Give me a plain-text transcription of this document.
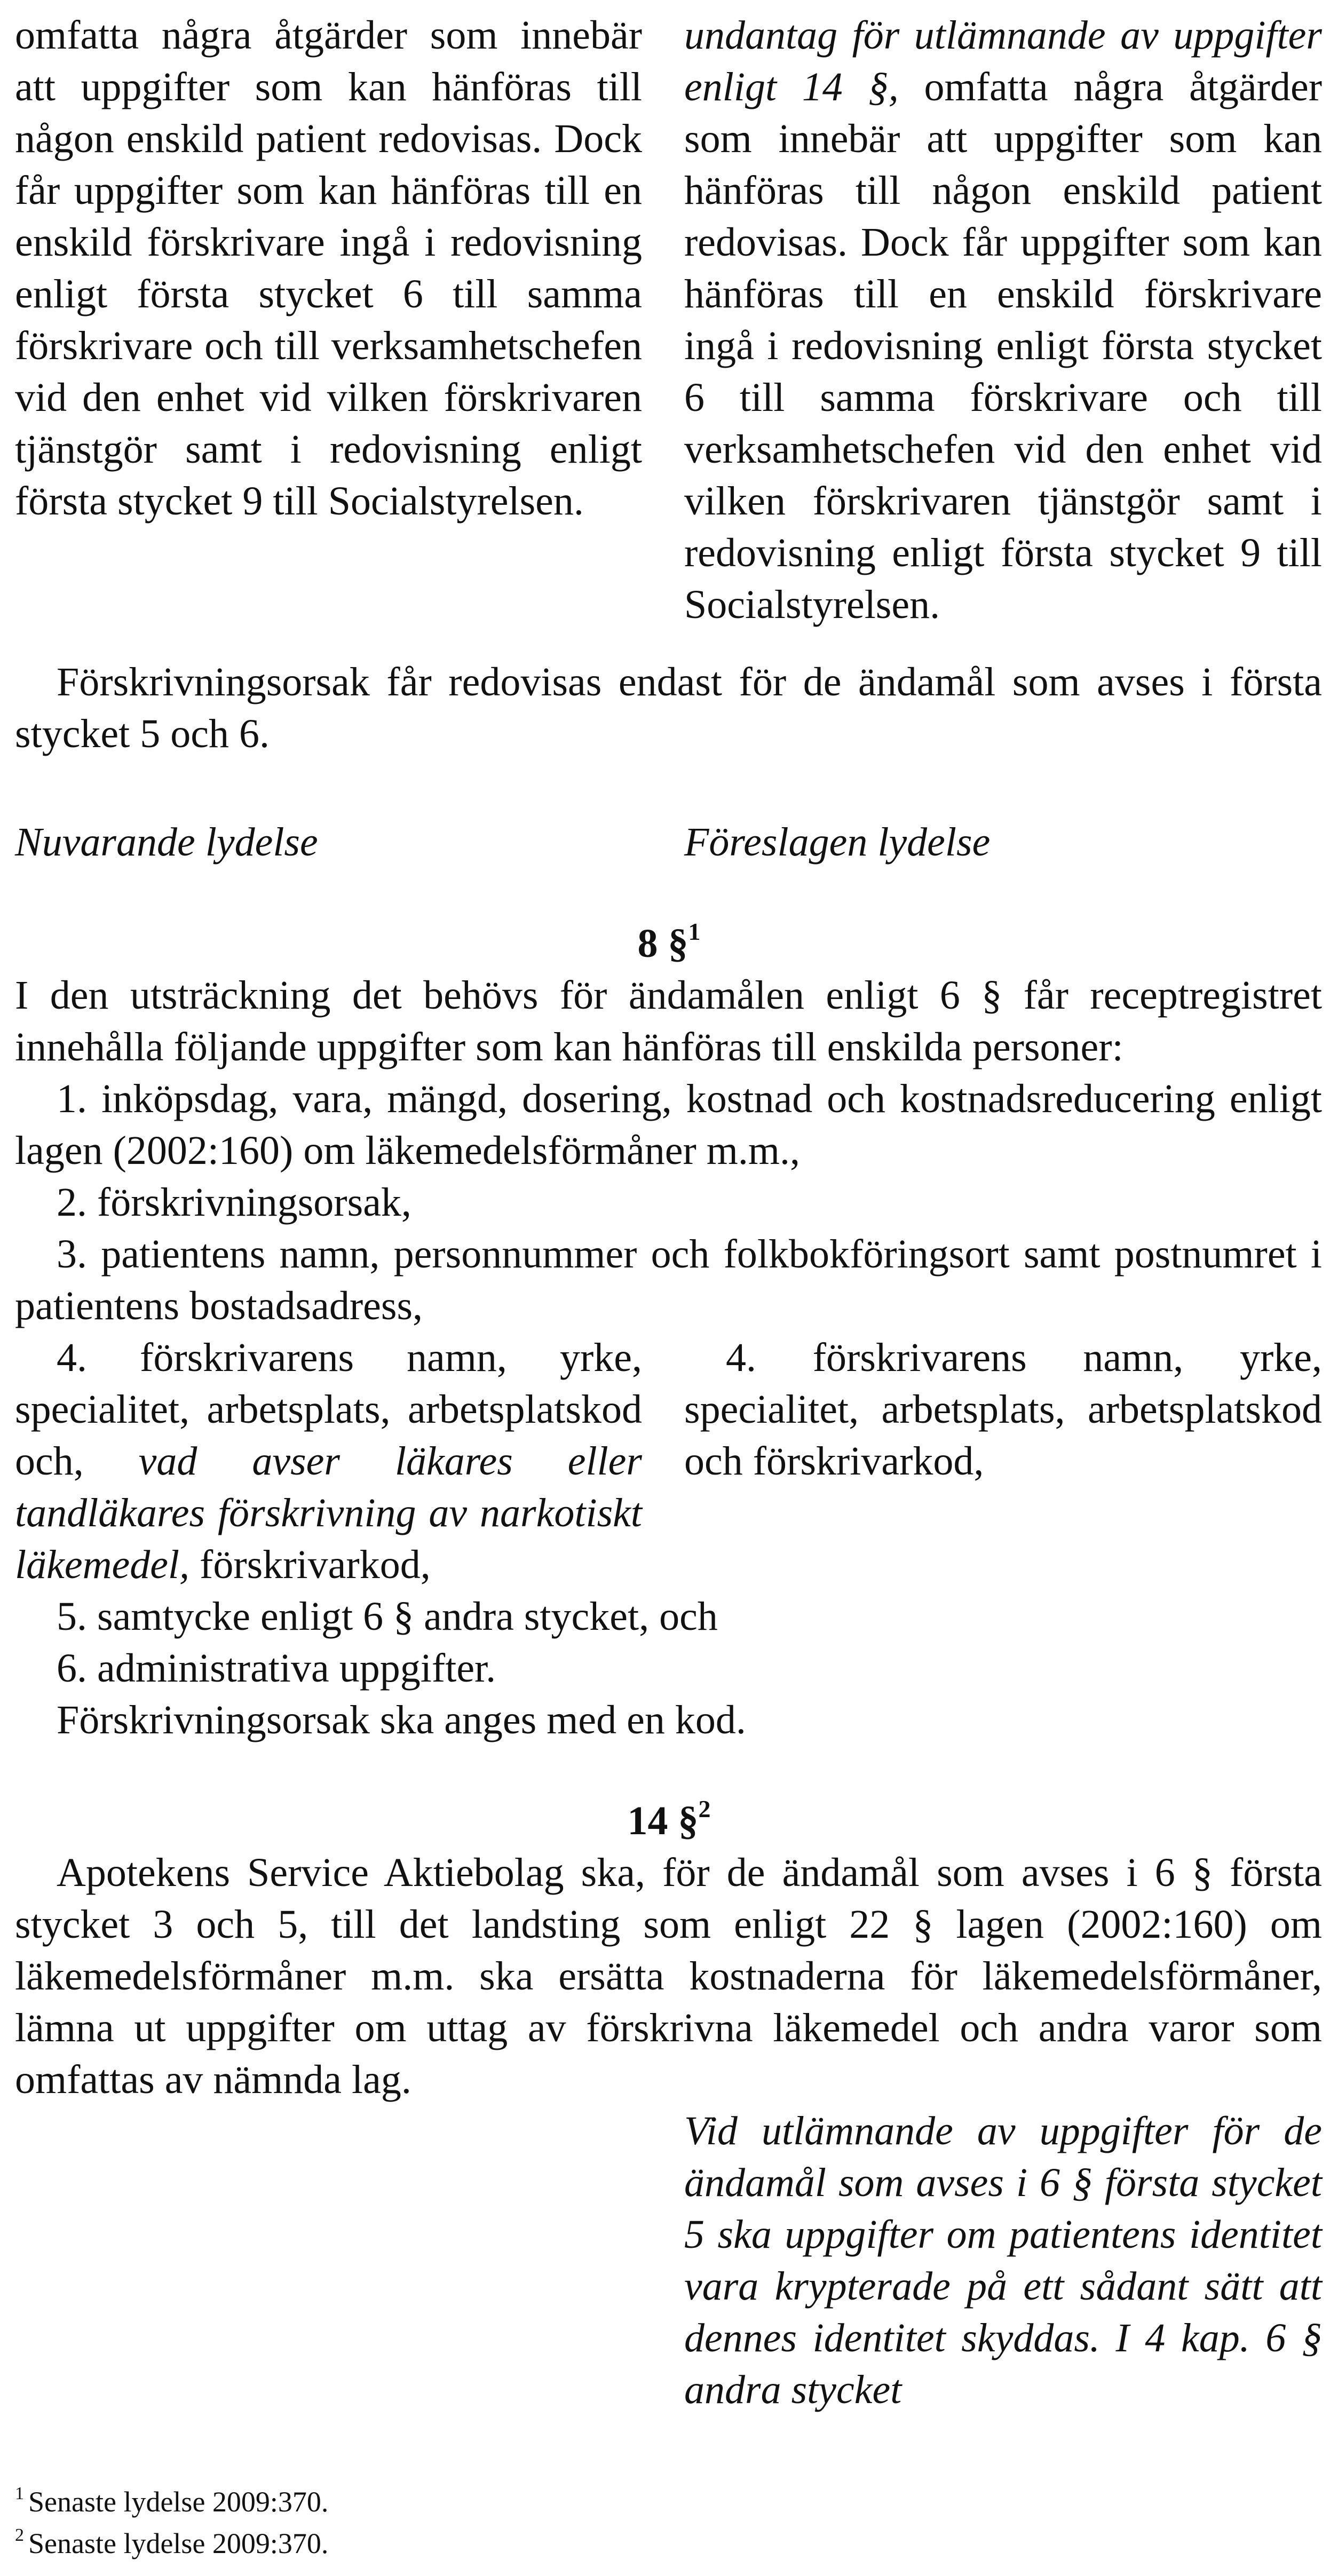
omfatta några åtgärder som innebär att uppgifter som kan hänföras till någon enskild patient redovisas. Dock får uppgifter som kan hänföras till en enskild förskrivare ingå i redovisning enligt första stycket 6 till samma förskrivare och till verksamhetschefen vid den enhet vid vilken förskrivaren tjänstgör samt i redovisning enligt första stycket 9 till Socialstyrelsen.

undantag för utlämnande av uppgifter enligt 14 §, omfatta några åtgärder som innebär att uppgifter som kan hänföras till någon enskild patient redovisas. Dock får uppgifter som kan hänföras till en enskild förskrivare ingå i redovisning enligt första stycket 6 till samma förskrivare och till verksamhetschefen vid den enhet vid vilken förskrivaren tjänstgör samt i redovisning enligt första stycket 9 till Socialstyrelsen.

Förskrivningsorsak får redovisas endast för de ändamål som avses i första stycket 5 och 6.

Nuvarande lydelse	Föreslagen lydelse
8 §$^1$

I den utsträckning det behövs för ändamålen enligt 6 § får receptregistret innehålla följande uppgifter som kan hänföras till enskilda personer:

1. inköpsdag, vara, mängd, dosering, kostnad och kostnadsreducering enligt lagen (2002:160) om läkemedelsförmåner m.m.,

2. förskrivningsorsak,

3. patientens namn, personnummer och folkbokföringsort samt postnumret i patientens bostadsadress,

4. förskrivarens namn, yrke, specialitet, arbetsplats, arbetsplatskod och, vad avser läkares eller tandläkares förskrivning av narkotiskt läkemedel, förskrivarkod,

4. förskrivarens namn, yrke, specialitet, arbetsplats, arbetsplatskod och förskrivarkod,

5. samtycke enligt 6 § andra stycket, och

6. administrativa uppgifter.

Förskrivningsorsak ska anges med en kod.

14 §$^2$

Apotekens Service Aktiebolag ska, för de ändamål som avses i 6 § första stycket 3 och 5, till det landsting som enligt 22 § lagen (2002:160) om läkemedelsförmåner m.m. ska ersätta kostnaderna för läkemedelsförmåner, lämna ut uppgifter om uttag av förskrivna läkemedel och andra varor som omfattas av nämnda lag.

Vid utlämnande av uppgifter för de ändamål som avses i 6 § första stycket 5 ska uppgifter om patientens identitet vara krypterade på ett sådant sätt att dennes identitet skyddas. I 4 kap. 6 § andra stycket

$^1$ Senaste lydelse 2009:370.
$^2$ Senaste lydelse 2009:370.
